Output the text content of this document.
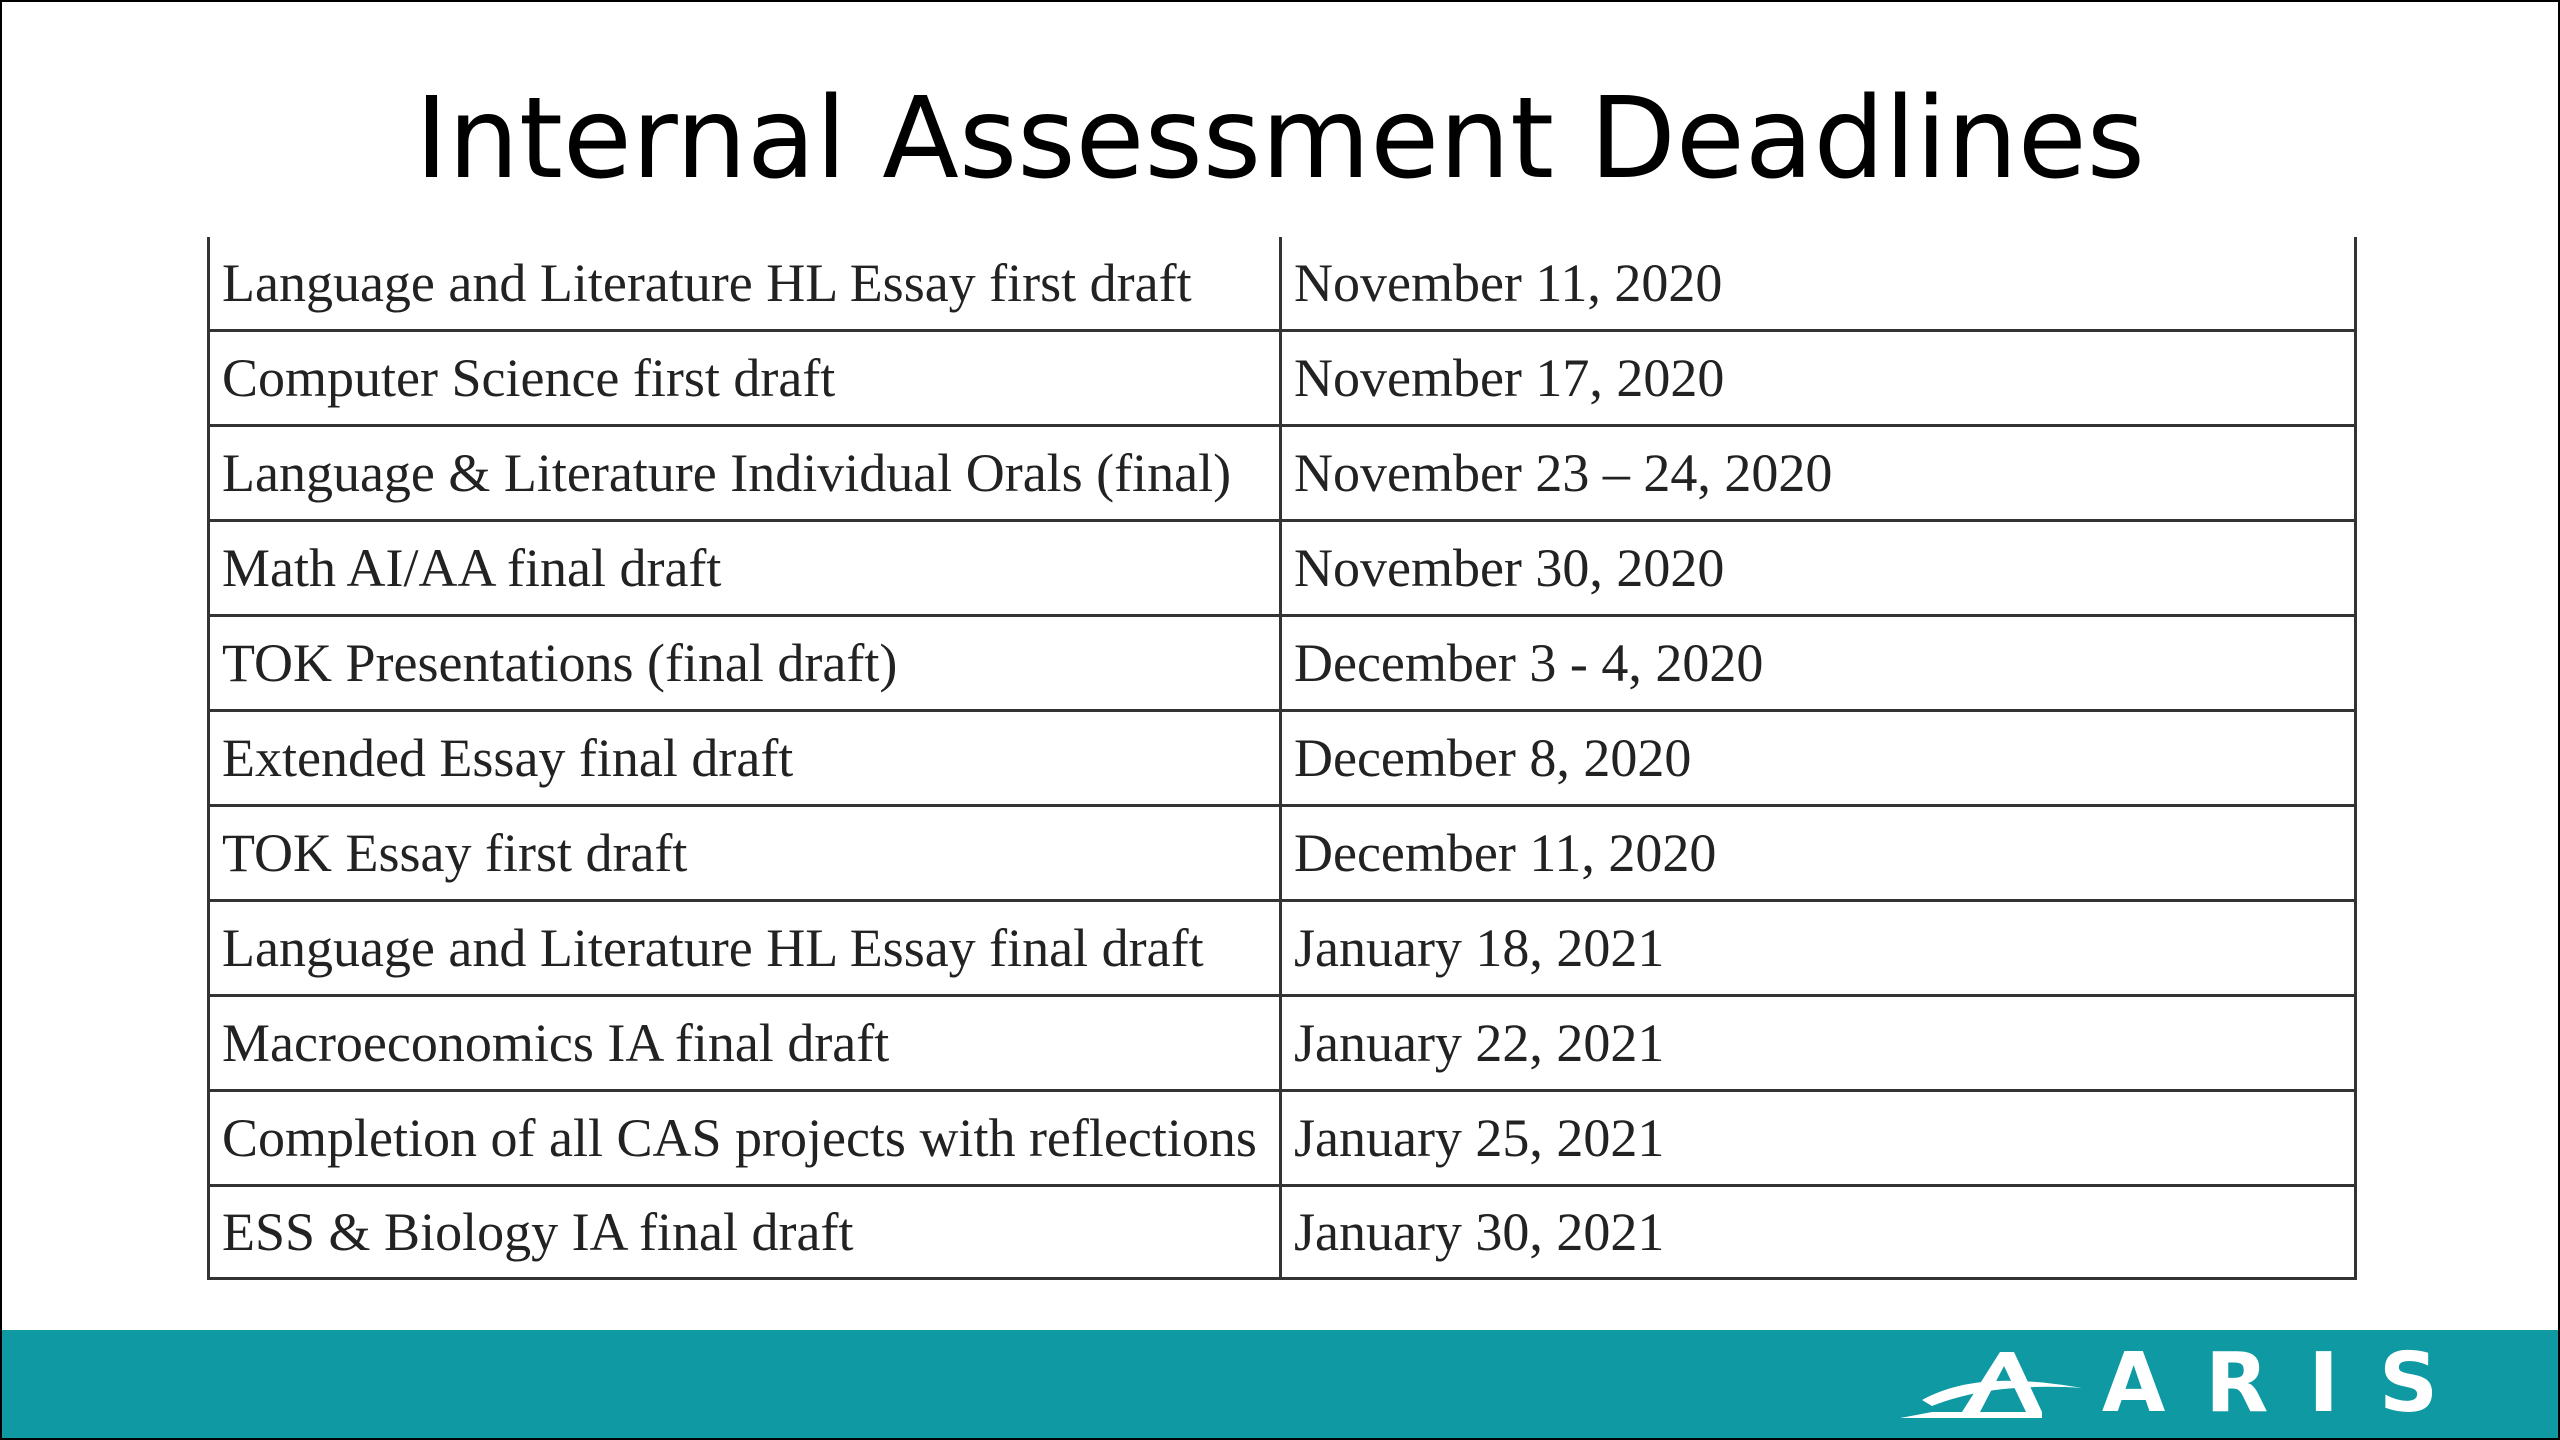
Internal Assessment Deadlines
Language and Literature HL Essay first draft	November 11, 2020
Computer Science first draft	November 17, 2020
Language & Literature Individual Orals (final)	November 23 – 24, 2020
Math AI/AA final draft	November 30, 2020
TOK Presentations (final draft)	December 3 - 4, 2020
Extended Essay final draft	December 8, 2020
TOK Essay first draft	December 11, 2020
Language and Literature HL Essay final draft	January 18, 2021
Macroeconomics IA final draft	January 22, 2021
Completion of all CAS projects with reflections	January 25, 2021
ESS & Biology IA final draft	January 30, 2021
ARIS
